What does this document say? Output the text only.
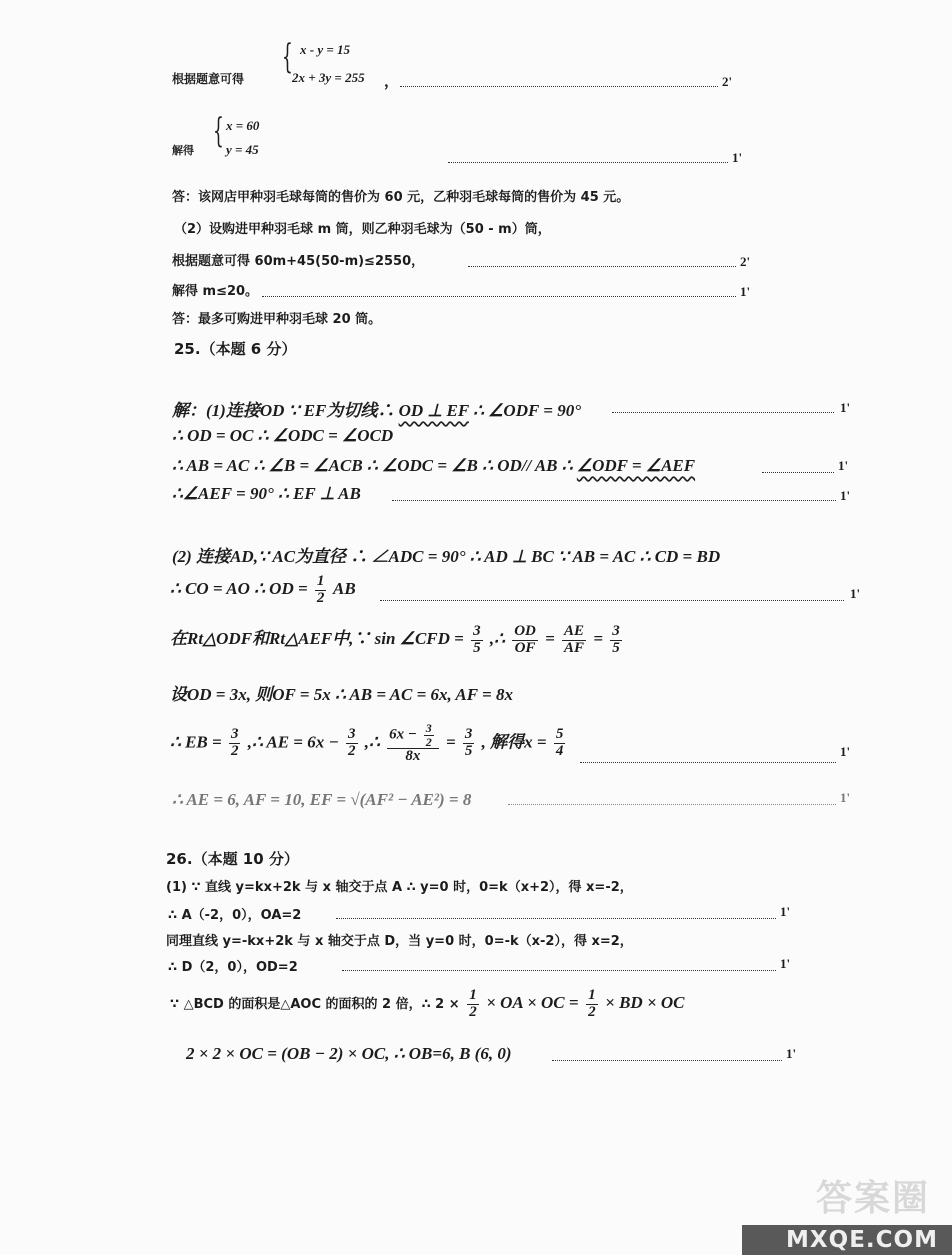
根据题意可得
{ x - y = 15
2x + 3y = 255 ，	2'
解得 { x = 60
y = 45
1'
答：该网店甲种羽毛球每筒的售价为 60 元，乙种羽毛球每筒的售价为 45 元。
（2）设购进甲种羽毛球 m 筒，则乙种羽毛球为（50 - m）筒，
根据题意可得 60m+45(50-m)≤2550，	2'
解得 m≤20。	1'
答：最多可购进甲种羽毛球 20 筒。
25.（本题 6 分）
解：(1)连接OD ∵ EF为切线∴ OD ⊥ EF ∴ ∠ODF = 90°	1'
∴ OD = OC ∴ ∠ODC = ∠OCD
∴ AB = AC ∴ ∠B = ∠ACB ∴ ∠ODC = ∠B ∴ OD// AB ∴ ∠ODF = ∠AEF	1'
∴∠AEF = 90° ∴ EF ⊥ AB	1'
(2) 连接AD,∵ AC为直径 ∴ ∠ADC = 90° ∴ AD ⊥ BC ∵ AB = AC ∴ CD = BD
∴ CO = AO ∴ OD = $\frac{1}{2}$ AB	1'
在Rt△ODF和Rt△AEF中,∵ sin ∠CFD = $\frac{3}{5}$ ,∴ $\frac{OD}{OF} = \frac{AE}{AF} = \frac{3}{5}$
设OD = 3x, 则OF = 5x ∴ AB = AC = 6x, AF = 8x
∴ EB = $\frac{3}{2}$ ,∴ AE = $6x - \frac{3}{2}$ ,∴ $\frac{6x - \frac{3}{2}}{8x} = \frac{3}{5}$ , 解得$x = \frac{5}{4}$	1'
∴ AE = 6, AF = 10, EF = √(AF² − AE²) = 8	1'
26.（本题 10 分）
(1) ∵ 直线 y=kx+2k 与 x 轴交于点 A ∴ y=0 时，0=k（x+2），得 x=-2，
∴ A（-2，0），OA=2	1'
同理直线 y=-kx+2k 与 x 轴交于点 D，当 y=0 时，0=-k（x-2），得 x=2，
∴ D（2，0），OD=2	1'
∵ △BCD 的面积是△AOC 的面积的 2 倍，∴ $2 \times \frac{1}{2}$ × OA × OC = $\frac{1}{2}$ × BD × OC
2 × 2 × OC = (OB − 2) × OC, ∴ OB=6, B (6, 0)	1'
答案圈
MXQE.COM
